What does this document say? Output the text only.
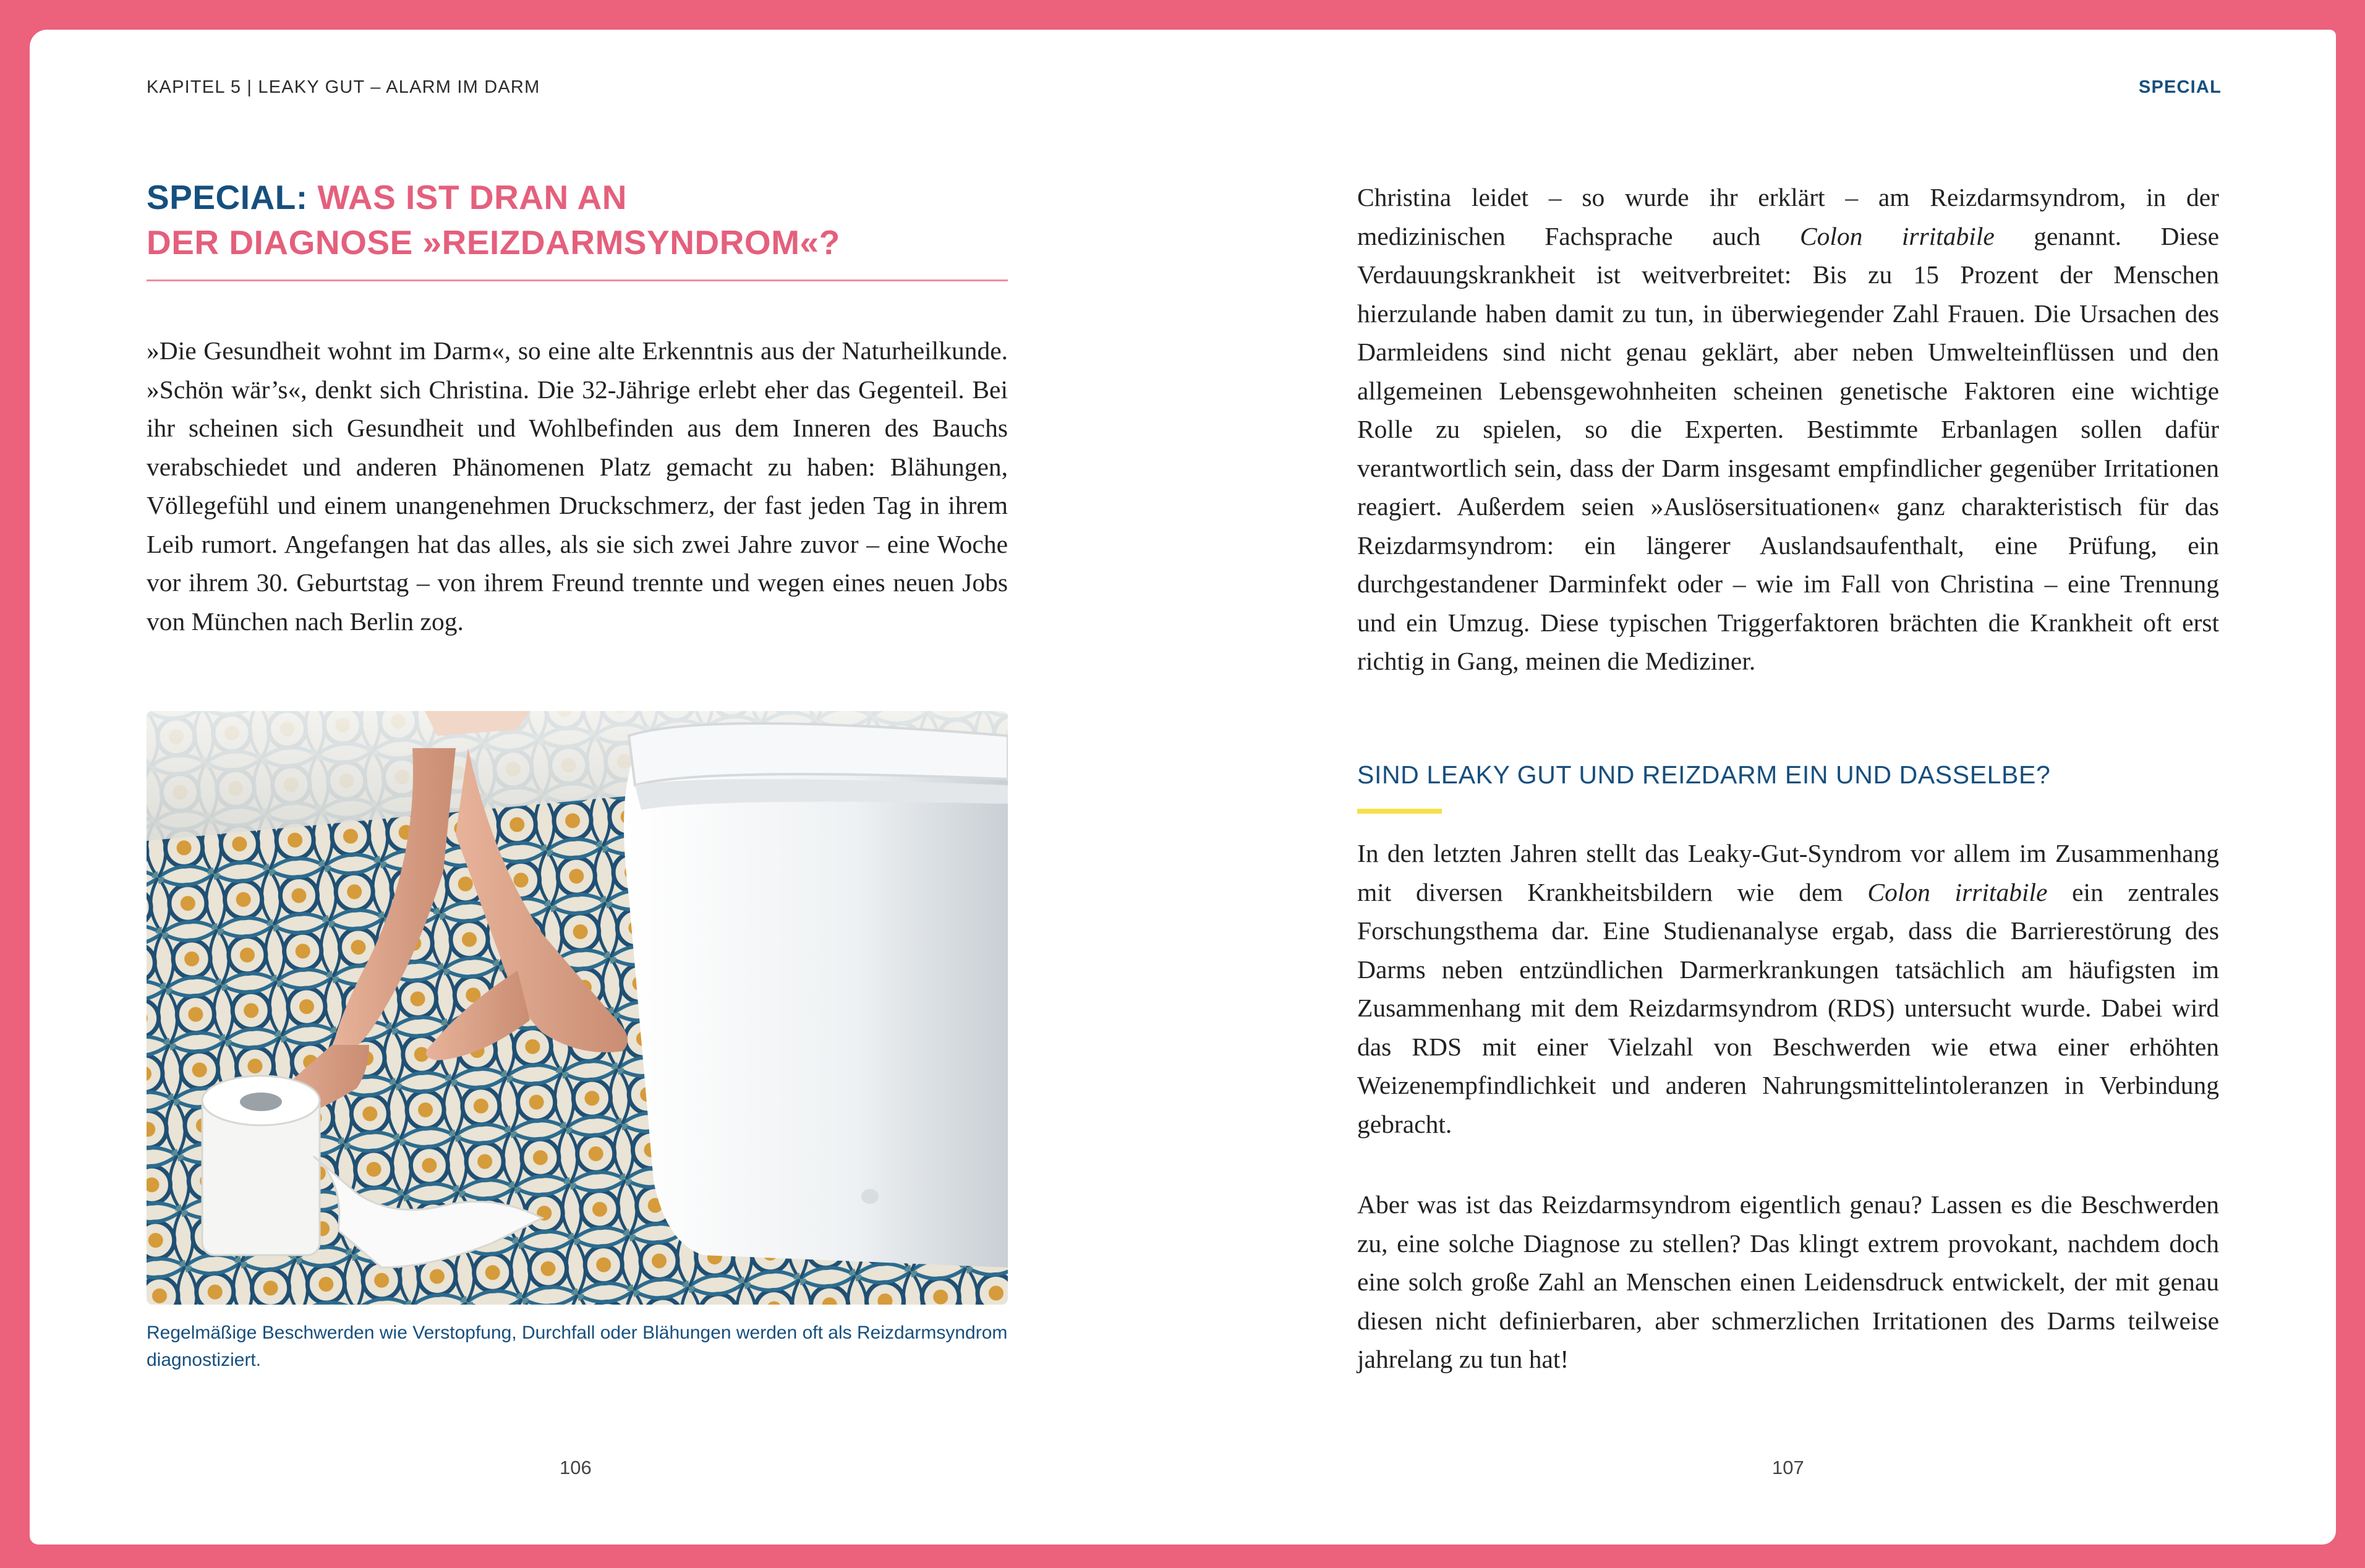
KAPITEL 5 | LEAKY GUT – ALARM IM DARM
SPECIAL: WAS IST DRAN AN
DER DIAGNOSE »REIZDARMSYNDROM«?

»Die Gesundheit wohnt im Darm«, so eine alte Erkenntnis aus der Naturheilkunde. »Schön wär’s«, denkt sich Christina. Die 32-Jährige erlebt eher das Gegenteil. Bei ihr scheinen sich Gesundheit und Wohlbefinden aus dem Inneren des Bauchs verabschiedet und anderen Phänomenen Platz gemacht zu haben: Blähungen, Völlegefühl und einem unangenehmen Druckschmerz, der fast jeden Tag in ihrem Leib rumort. Angefangen hat das alles, als sie sich zwei Jahre zuvor – eine Woche vor ihrem 30. Geburtstag – von ihrem Freund trennte und wegen eines neuen Jobs von München nach Berlin zog.

Regelmäßige Beschwerden wie Verstopfung, Durchfall oder Blähungen werden oft als Reizdarmsyndrom diagnostiziert.

106
SPECIAL

Christina leidet – so wurde ihr erklärt – am Reizdarmsyndrom, in der medizinischen Fachsprache auch Colon irritabile genannt. Diese Verdauungskrankheit ist weitverbreitet: Bis zu 15 Prozent der Menschen hierzulande haben damit zu tun, in überwiegender Zahl Frauen. Die Ursachen des Darmleidens sind nicht genau geklärt, aber neben Umwelteinflüssen und den allgemeinen Lebensgewohnheiten scheinen genetische Faktoren eine wichtige Rolle zu spielen, so die Experten. Bestimmte Erbanlagen sollen dafür verantwortlich sein, dass der Darm insgesamt empfindlicher gegenüber Irritationen reagiert. Außerdem seien »Auslösersituationen« ganz charakteristisch für das Reizdarmsyndrom: ein längerer Auslandsaufenthalt, eine Prüfung, ein durchgestandener Darminfekt oder – wie im Fall von Christina – eine Trennung und ein Umzug. Diese typischen Triggerfaktoren brächten die Krankheit oft erst richtig in Gang, meinen die Mediziner.

SIND LEAKY GUT UND REIZDARM EIN UND DASSELBE?

In den letzten Jahren stellt das Leaky-Gut-Syndrom vor allem im Zusammenhang mit diversen Krankheitsbildern wie dem Colon irritabile ein zentrales Forschungsthema dar. Eine Studienanalyse ergab, dass die Barrierestörung des Darms neben entzündlichen Darmerkrankungen tatsächlich am häufigsten im Zusammenhang mit dem Reizdarmsyndrom (RDS) untersucht wurde. Dabei wird das RDS mit einer Vielzahl von Beschwerden wie etwa einer erhöhten Weizenempfindlichkeit und anderen Nahrungsmittelintoleranzen in Verbindung gebracht.

Aber was ist das Reizdarmsyndrom eigentlich genau? Lassen es die Beschwerden zu, eine solche Diagnose zu stellen? Das klingt extrem provokant, nachdem doch eine solch große Zahl an Menschen einen Leidensdruck entwickelt, der mit genau diesen nicht definierbaren, aber schmerzlichen Irritationen des Darms teilweise jahrelang zu tun hat!

107
